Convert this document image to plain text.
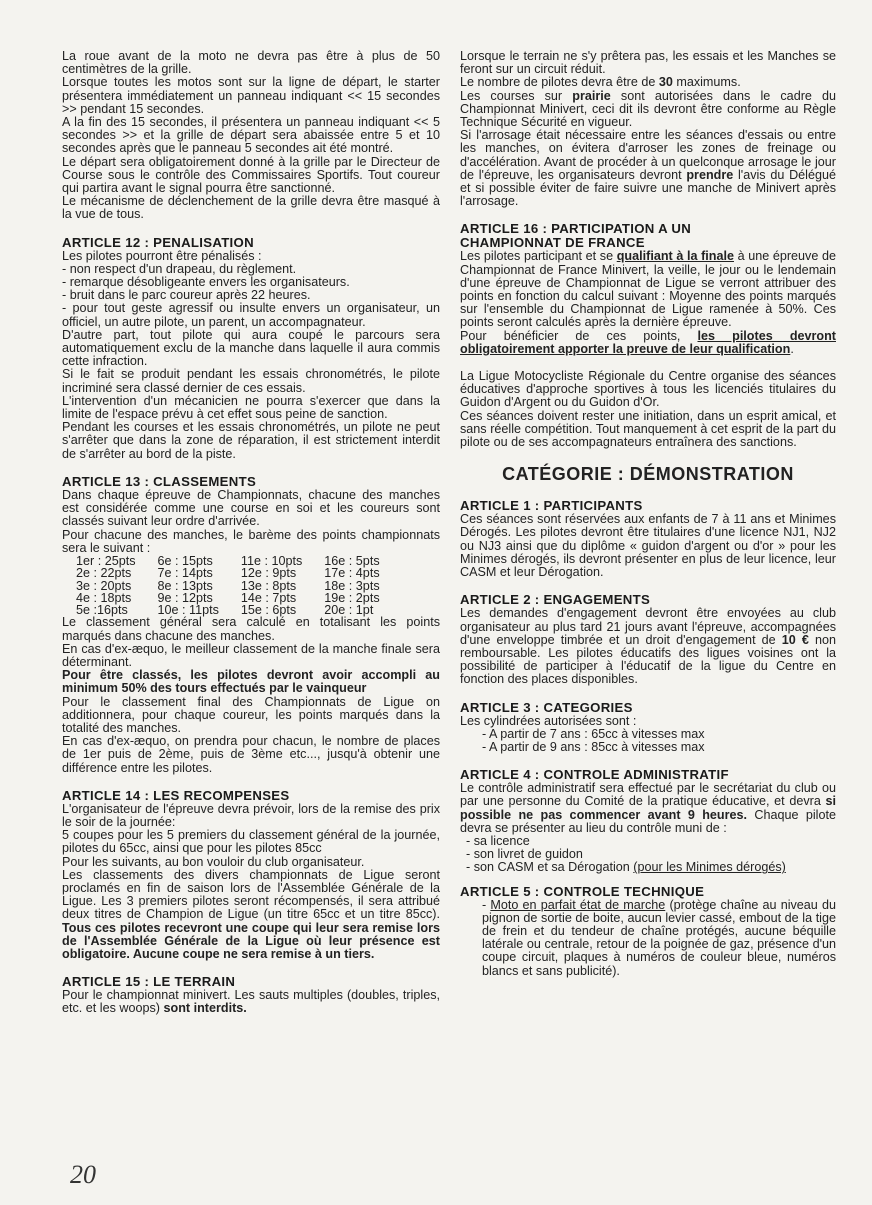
La roue avant de la moto ne devra pas être à plus de 50 centimètres de la grille.

Lorsque toutes les motos sont sur la ligne de départ, le starter présentera immédiatement un panneau indiquant << 15 secondes >> pendant 15 secondes.

A la fin des 15 secondes, il présentera un panneau indiquant << 5 secondes >> et la grille de départ sera abaissée entre 5 et 10 secondes après que le panneau 5 secondes ait été montré.

Le départ sera obligatoirement donné à la grille par le Directeur de Course sous le contrôle des Commissaires Sportifs. Tout coureur qui partira avant le signal pourra être sanctionné.

Le mécanisme de déclenchement de la grille devra être masqué à la vue de tous.

ARTICLE 12 : PENALISATION

Les pilotes pourront être pénalisés :

- non respect d'un drapeau, du règlement.

- remarque désobligeante envers les organisateurs.

- bruit dans le parc coureur après 22 heures.

- pour tout geste agressif ou insulte envers un organisateur, un officiel, un autre pilote, un parent, un accompagnateur.

D'autre part, tout pilote qui aura coupé le parcours sera automatiquement exclu de la manche dans laquelle il aura commis cette infraction.

Si le fait se produit pendant les essais chronométrés, le pilote incriminé sera classé dernier de ces essais.

L'intervention d'un mécanicien ne pourra s'exercer que dans la limite de l'espace prévu à cet effet sous peine de sanction.

Pendant les courses et les essais chronométrés, un pilote ne peut s'arrêter que dans la zone de réparation, il est strictement interdit de s'arrêter au bord de la piste.

ARTICLE 13 : CLASSEMENTS

Dans chaque épreuve de Championnats, chacune des manches est considérée comme une course en soi et les coureurs sont classés suivant leur ordre d'arrivée.

Pour chacune des manches, le barème des points championnats sera le suivant :

1er : 25pts	6e : 15pts	11e : 10pts	16e : 5pts
2e : 22pts	7e : 14pts	12e : 9pts	17e : 4pts
3e : 20pts	8e : 13pts	13e : 8pts	18e : 3pts
4e : 18pts	9e : 12pts	14e : 7pts	19e : 2pts
5e :16pts	10e : 11pts	15e : 6pts	20e : 1pt

Le classement général sera calculé en totalisant les points marqués dans chacune des manches.

En cas d'ex-æquo, le meilleur classement de la manche finale sera déterminant.

Pour être classés, les pilotes devront avoir accompli au minimum 50% des tours effectués par le vainqueur

Pour le classement final des Championnats de Ligue on additionnera, pour chaque coureur, les points marqués dans la totalité des manches.

En cas d'ex-æquo, on prendra pour chacun, le nombre de places de 1er puis de 2ème, puis de 3ème etc..., jusqu'à obtenir une différence entre les pilotes.

ARTICLE 14 : LES RECOMPENSES

L'organisateur de l'épreuve devra prévoir, lors de la remise des prix le soir de la journée:

5 coupes pour les 5 premiers du classement général de la journée, pilotes du 65cc, ainsi que pour les pilotes 85cc

Pour les suivants, au bon vouloir du club organisateur.

Les classements des divers championnats de Ligue seront proclamés en fin de saison lors de l'Assemblée Générale de la Ligue. Les 3 premiers pilotes seront récompensés, il sera attribué deux titres de Champion de Ligue (un titre 65cc et un titre 85cc). Tous ces pilotes recevront une coupe qui leur sera remise lors de l'Assemblée Générale de la Ligue où leur présence est obligatoire. Aucune coupe ne sera remise à un tiers.

ARTICLE 15 : LE TERRAIN

Pour le championnat minivert. Les sauts multiples (doubles, triples, etc. et les woops) sont interdits.

Lorsque le terrain ne s'y prêtera pas, les essais et les Manches se feront sur un circuit réduit.

Le nombre de pilotes devra être de 30 maximums.

Les courses sur prairie sont autorisées dans le cadre du Championnat Minivert, ceci dit ils devront être conforme au Règle Technique Sécurité en vigueur.

Si l'arrosage était nécessaire entre les séances d'essais ou entre les manches, on évitera d'arroser les zones de freinage ou d'accélération. Avant de procéder à un quelconque arrosage le jour de l'épreuve, les organisateurs devront prendre l'avis du Délégué et si possible éviter de faire suivre une manche de Minivert après l'arrosage.

ARTICLE 16 : PARTICIPATION A UN
CHAMPIONNAT DE FRANCE

Les pilotes participant et se qualifiant à la finale à une épreuve de Championnat de France Minivert, la veille, le jour ou le lendemain d'une épreuve de Championnat de Ligue se verront attribuer des points en fonction du calcul suivant : Moyenne des points marqués sur l'ensemble du Championnat de Ligue ramenée à 50%. Ces points seront calculés après la dernière épreuve.

Pour bénéficier de ces points, les pilotes devront obligatoirement apporter la preuve de leur qualification.

La Ligue Motocycliste Régionale du Centre organise des séances éducatives d'approche sportives à tous les licenciés titulaires du Guidon d'Argent ou du Guidon d'Or.

Ces séances doivent rester une initiation, dans un esprit amical, et sans réelle compétition. Tout manquement à cet esprit de la part du pilote ou de ses accompagnateurs entraînera des sanctions.

CATÉGORIE : DÉMONSTRATION
ARTICLE 1 : PARTICIPANTS

Ces séances sont réservées aux enfants de 7 à 11 ans et Minimes Dérogés. Les pilotes devront être titulaires d'une licence NJ1, NJ2 ou NJ3 ainsi que du diplôme « guidon d'argent ou d'or » pour les Minimes dérogés, ils devront présenter en plus de leur licence, leur CASM et leur Dérogation.

ARTICLE 2 : ENGAGEMENTS

Les demandes d'engagement devront être envoyées au club organisateur au plus tard 21 jours avant l'épreuve, accompagnées d'une enveloppe timbrée et un droit d'engagement de 10 € non remboursable. Les pilotes éducatifs des ligues voisines ont la possibilité de participer à l'éducatif de la ligue du Centre en fonction des places disponibles.

ARTICLE 3 : CATEGORIES

Les cylindrées autorisées sont :

- A partir de 7 ans : 65cc à vitesses max
- A partir de 9 ans : 85cc à vitesses max
ARTICLE 4 : CONTROLE ADMINISTRATIF

Le contrôle administratif sera effectué par le secrétariat du club ou par une personne du Comité de la pratique éducative, et devra si possible ne pas commencer avant 9 heures. Chaque pilote devra se présenter au lieu du contrôle muni de :

- sa licence
- son livret de guidon
- son CASM et sa Dérogation (pour les Minimes dérogés)
ARTICLE 5 : CONTROLE TECHNIQUE

- Moto en parfait état de marche (protège chaîne au niveau du pignon de sortie de boite, aucun levier cassé, embout de la tige de frein et du tendeur de chaîne protégés, aucune béquille latérale ou centrale, retour de la poignée de gaz, présence d'un coupe circuit, plaques à numéros de couleur bleue, numéros blancs et sans publicité).

20
